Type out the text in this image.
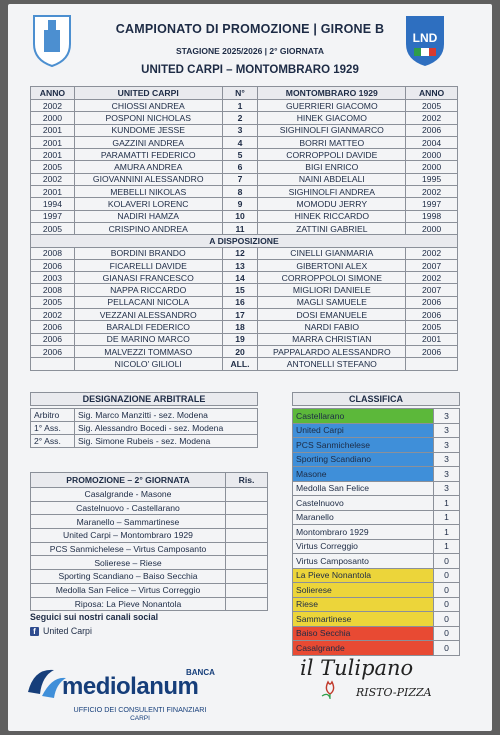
LND
CAMPIONATO DI PROMOZIONE | GIRONE B
STAGIONE 2025/2026 | 2° GIORNATA
UNITED CARPI – MONTOMBRARO 1929
ANNO	UNITED CARPI	N°	MONTOMBRARO 1929	ANNO
2002	CHIOSSI ANDREA	1	GUERRIERI GIACOMO	2005
2000	POSPONI NICHOLAS	2	HINEK GIACOMO	2002
2001	KUNDOME JESSE	3	SIGHINOLFI GIANMARCO	2006
2001	GAZZINI ANDREA	4	BORRI MATTEO	2004
2001	PARAMATTI FEDERICO	5	CORROPPOLI DAVIDE	2000
2005	AMURA ANDREA	6	BIGI ENRICO	2000
2002	GIOVANNINI ALESSANDRO	7	NAINI ABDELALI	1995
2001	MEBELLI NIKOLAS	8	SIGHINOLFI ANDREA	2002
1994	KOLAVERI LORENC	9	MOMODU JERRY	1997
1997	NADIRI HAMZA	10	HINEK RICCARDO	1998
2005	CRISPINO ANDREA	11	ZATTINI GABRIEL	2000
A DISPOSIZIONE				
2008	BORDINI BRANDO	12	CINELLI GIANMARIA	2002
2006	FICARELLI DAVIDE	13	GIBERTONI ALEX	2007
2003	GIANASI FRANCESCO	14	CORROPPOLOI SIMONE	2002
2008	NAPPA RICCARDO	15	MIGLIORI DANIELE	2007
2005	PELLACANI NICOLA	16	MAGLI SAMUELE	2006
2002	VEZZANI ALESSANDRO	17	DOSI EMANUELE	2006
2006	BARALDI FEDERICO	18	NARDI FABIO	2005
2006	DE MARINO MARCO	19	MARRA CHRISTIAN	2001
2006	MALVEZZI TOMMASO	20	PAPPALARDO ALESSANDRO	2006
	NICOLO' GILIOLI	ALL.	ANTONELLI STEFANO	
DESIGNAZIONE ARBITRALE
Arbitro	Sig. Marco Manzitti - sez. Modena
1° Ass.	Sig. Alessandro Bocedi - sez. Modena
2° Ass.	Sig. Simone Rubeis - sez. Modena
CLASSIFICA
Castellarano	3
United Carpi	3
PCS Sanmichelese	3
Sporting Scandiano	3
Masone	3
Medolla San Felice	3
Castelnuovo	1
Maranello	1
Montombraro 1929	1
Virtus Correggio	1
Virtus Camposanto	0
La Pieve Nonantola	0
Solierese	0
Riese	0
Sammartinese	0
Baiso Secchia	0
Casalgrande	0
PROMOZIONE – 2° GIORNATA	Ris.
Casalgrande - Masone	
Castelnuovo - Castellarano	
Maranello – Sammartinese	
United Carpi – Montombraro 1929	
PCS Sanmichelese – Virtus Camposanto	
Soliere​se – Riese	
Sporting Scandiano – Baiso Secchia	
Medolla San Felice – Virtus Correggio	
Riposa: La Pieve Nonantola	
Seguici sui nostri canali social
f United Carpi
BANCA
mediolanum
UFFICIO DEI CONSULENTI FINANZIARI
CARPI
il Tulipano
RISTO-PIZZA
